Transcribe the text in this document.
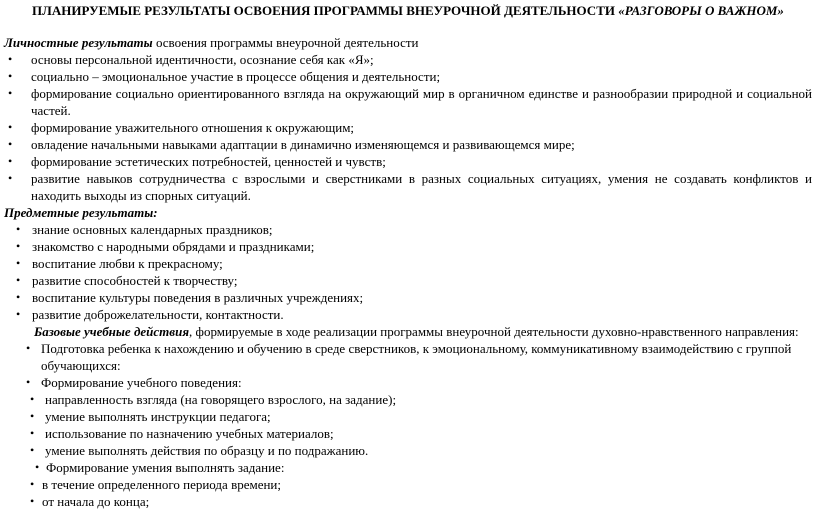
ПЛАНИРУЕМЫЕ РЕЗУЛЬТАТЫ ОСВОЕНИЯ ПРОГРАММЫ ВНЕУРОЧНОЙ ДЕЯТЕЛЬНОСТИ «РАЗГОВОРЫ О ВАЖНОМ»

Личностные результаты освоения программы внеурочной деятельности

• основы персональной идентичности, осознание себя как «Я»;
• социально – эмоциональное участие в процессе общения и деятельности;
• формирование социально ориентированного взгляда на окружающий мир в органичном единстве и разнообразии природной и социальной частей.
• формирование уважительного отношения к окружающим;
• овладение начальными навыками адаптации в динамично изменяющемся и развивающемся мире;
• формирование эстетических потребностей, ценностей и чувств;
• развитие навыков сотрудничества с взрослыми и сверстниками в разных социальных ситуациях, умения не создавать конфликтов и находить выходы из спорных ситуаций.

Предметные результаты:

• знание основных календарных праздников;
• знакомство с народными обрядами и праздниками;
• воспитание любви к прекрасному;
• развитие способностей к творчеству;
• воспитание культуры поведения в различных учреждениях;
• развитие доброжелательности, контактности.

Базовые учебные действия, формируемые в ходе реализации программы внеурочной деятельности духовно-нравственного направления:

• Подготовка ребенка к нахождению и обучению в среде сверстников, к эмоциональному, коммуникативному взаимодействию с группой обучающихся:
• Формирование учебного поведения:
• направленность взгляда (на говорящего взрослого, на задание);
• умение выполнять инструкции педагога;
• использование по назначению учебных материалов;
• умение выполнять действия по образцу и по подражанию.
• Формирование умения выполнять задание:
• в течение определенного периода времени;
• от начала до конца;
